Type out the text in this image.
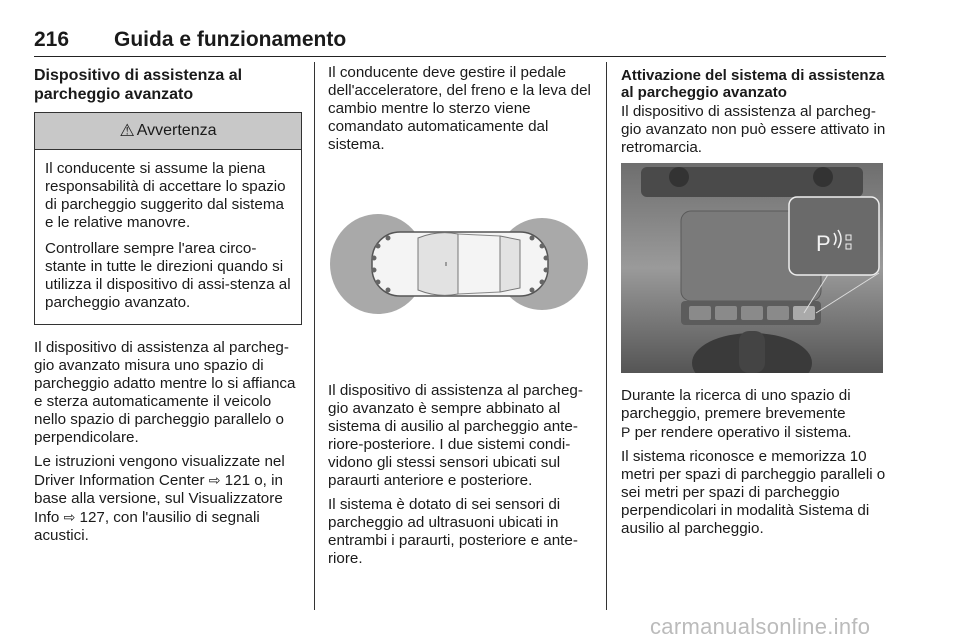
216 Guida e funzionamento
Dispositivo di assistenza al parcheggio avanzato
⚠ Avvertenza

Il conducente si assume la piena responsabilità di accettare lo spazio di parcheggio suggerito dal sistema e le relative manovre.

Controllare sempre l'area circo-stante in tutte le direzioni quando si utilizza il dispositivo di assi-stenza al parcheggio avanzato.

Il dispositivo di assistenza al parcheg-gio avanzato misura uno spazio di parcheggio adatto mentre lo si affianca e sterza automaticamente il veicolo nello spazio di parcheggio parallelo o perpendicolare.

Le istruzioni vengono visualizzate nel Driver Information Center ⇨ 121 o, in base alla versione, sul Visualizzatore Info ⇨ 127, con l'ausilio di segnali acustici.

Il conducente deve gestire il pedale dell'acceleratore, del freno e la leva del cambio mentre lo sterzo viene comandato automaticamente dal sistema.

Il dispositivo di assistenza al parcheg-gio avanzato è sempre abbinato al sistema di ausilio al parcheggio ante-riore-posteriore. I due sistemi condi-vidono gli stessi sensori ubicati sul paraurti anteriore e posteriore.

Il sistema è dotato di sei sensori di parcheggio ad ultrasuoni ubicati in entrambi i paraurti, posteriore e ante-riore.

Attivazione del sistema di assistenza al parcheggio avanzato

Il dispositivo di assistenza al parcheg-gio avanzato non può essere attivato in retromarcia.

P

Durante la ricerca di uno spazio di parcheggio, premere brevemente
P per rendere operativo il sistema.

Il sistema riconosce e memorizza 10 metri per spazi di parcheggio paralleli o sei metri per spazi di parcheggio perpendicolari in modalità Sistema di ausilio al parcheggio.

carmanualsonline.info
